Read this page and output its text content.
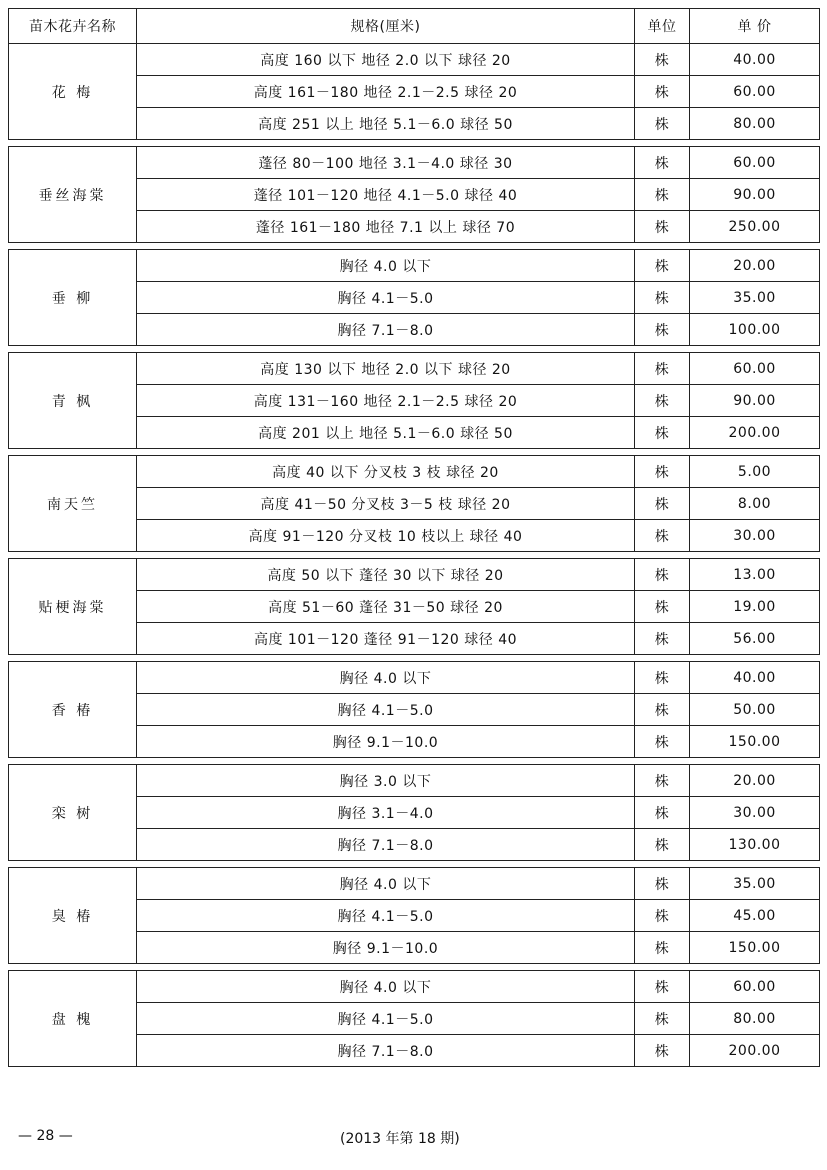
苗木花卉名称	规格(厘米)	单位	单 价
花 梅	高度 160 以下 地径 2.0 以下 球径 20	株	40.00
	高度 161－180 地径 2.1－2.5 球径 20	株	60.00
	高度 251 以上 地径 5.1－6.0 球径 50	株	80.00

垂丝海棠	蓬径 80－100 地径 3.1－4.0 球径 30	株	60.00
	蓬径 101－120 地径 4.1－5.0 球径 40	株	90.00
	蓬径 161－180 地径 7.1 以上 球径 70	株	250.00

垂 柳	胸径 4.0 以下	株	20.00
	胸径 4.1－5.0	株	35.00
	胸径 7.1－8.0	株	100.00

青 枫	高度 130 以下 地径 2.0 以下 球径 20	株	60.00
	高度 131－160 地径 2.1－2.5 球径 20	株	90.00
	高度 201 以上 地径 5.1－6.0 球径 50	株	200.00

南天竺	高度 40 以下 分叉枝 3 枝 球径 20	株	5.00
	高度 41－50 分叉枝 3－5 枝 球径 20	株	8.00
	高度 91－120 分叉枝 10 枝以上 球径 40	株	30.00

贴梗海棠	高度 50 以下 蓬径 30 以下 球径 20	株	13.00
	高度 51－60 蓬径 31－50 球径 20	株	19.00
	高度 101－120 蓬径 91－120 球径 40	株	56.00

香 椿	胸径 4.0 以下	株	40.00
	胸径 4.1－5.0	株	50.00
	胸径 9.1－10.0	株	150.00

栾 树	胸径 3.0 以下	株	20.00
	胸径 3.1－4.0	株	30.00
	胸径 7.1－8.0	株	130.00

臭 椿	胸径 4.0 以下	株	35.00
	胸径 4.1－5.0	株	45.00
	胸径 9.1－10.0	株	150.00

盘 槐	胸径 4.0 以下	株	60.00
	胸径 4.1－5.0	株	80.00
	胸径 7.1－8.0	株	200.00
— 28 —	(2013 年第 18 期)
